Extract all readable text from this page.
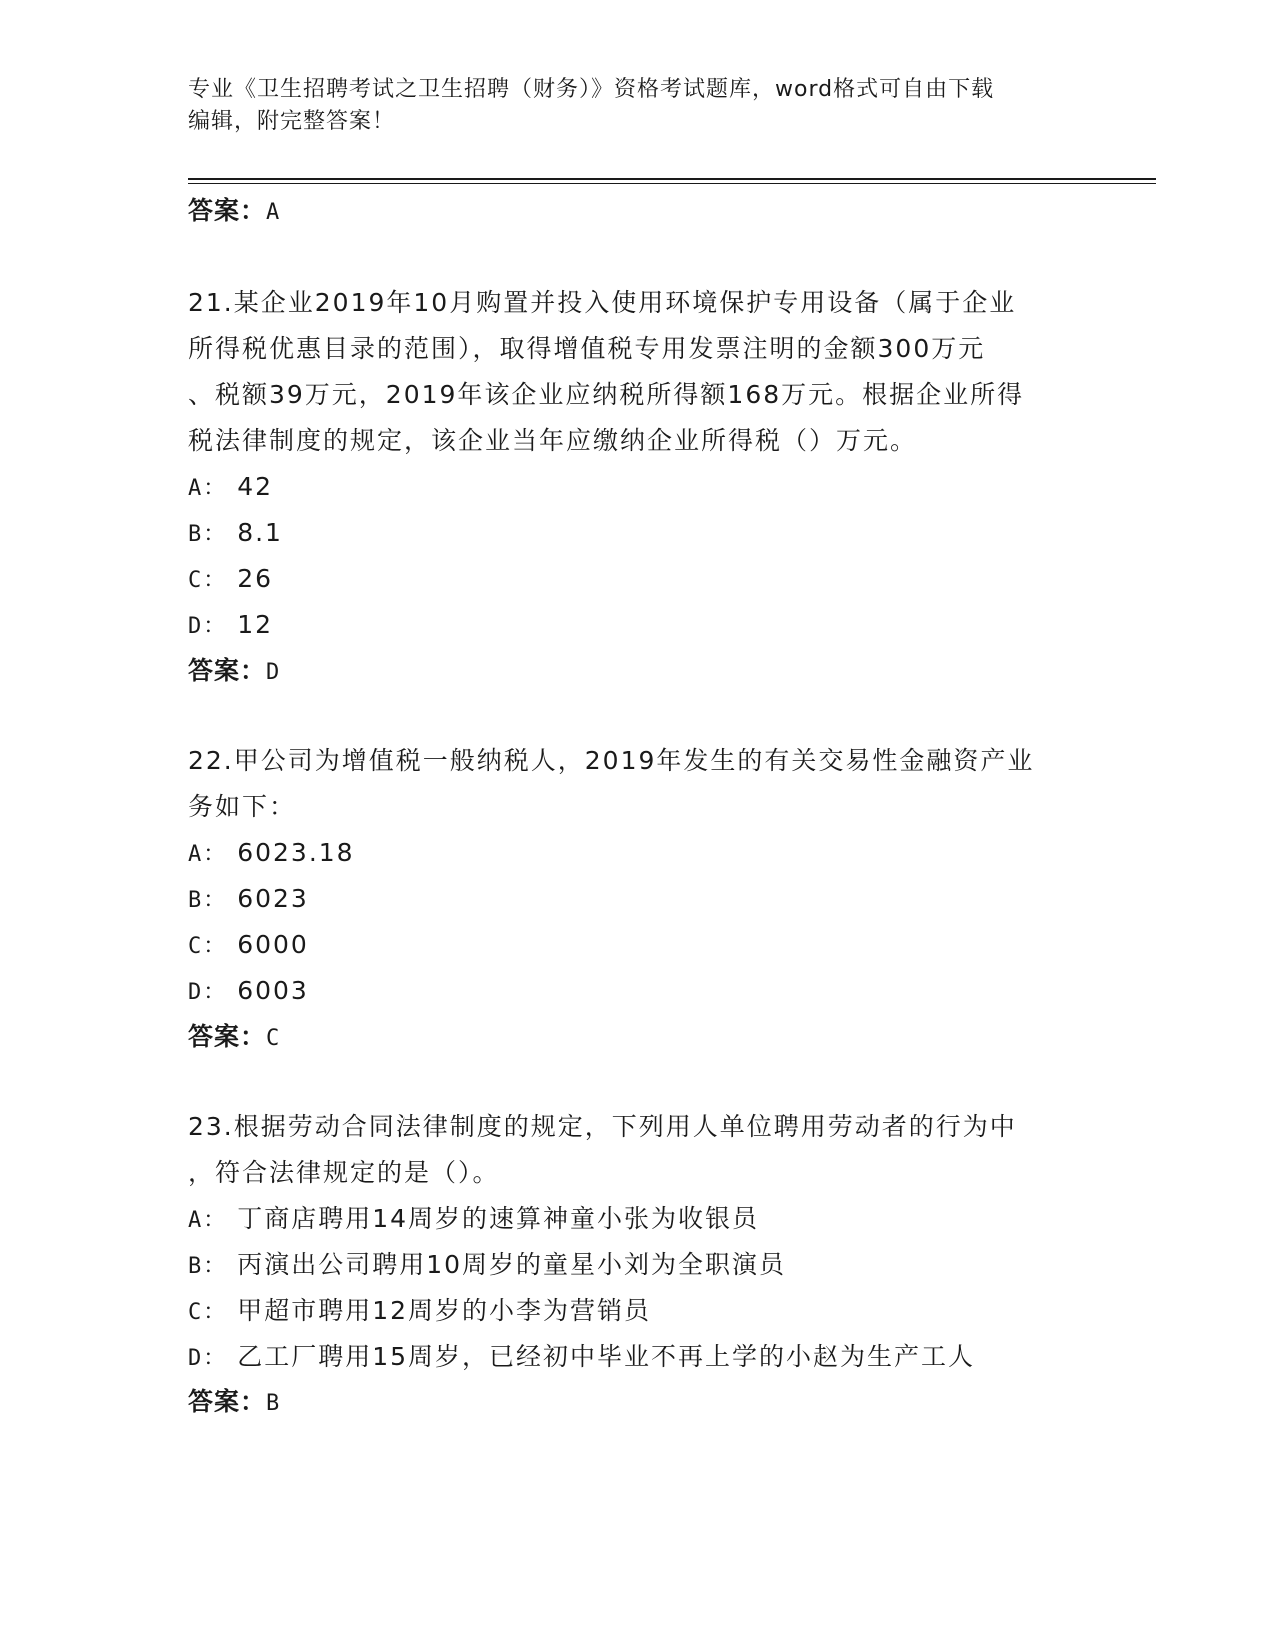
专业《卫生招聘考试之卫生招聘（财务）》资格考试题库，word格式可自由下载
编辑，附完整答案！
答案：A
21.某企业2019年10月购置并投入使用环境保护专用设备（属于企业
所得税优惠目录的范围），取得增值税专用发票注明的金额300万元
、税额39万元，2019年该企业应纳税所得额168万元。根据企业所得
税法律制度的规定，该企业当年应缴纳企业所得税（）万元。
A： 42
B： 8.1
C： 26
D： 12
答案：D
22.甲公司为增值税一般纳税人，2019年发生的有关交易性金融资产业
务如下：
A： 6023.18
B： 6023
C： 6000
D： 6003
答案：C
23.根据劳动合同法律制度的规定，下列用人单位聘用劳动者的行为中
，符合法律规定的是（）。
A： 丁商店聘用14周岁的速算神童小张为收银员
B： 丙演出公司聘用10周岁的童星小刘为全职演员
C： 甲超市聘用12周岁的小李为营销员
D： 乙工厂聘用15周岁，已经初中毕业不再上学的小赵为生产工人
答案：B
